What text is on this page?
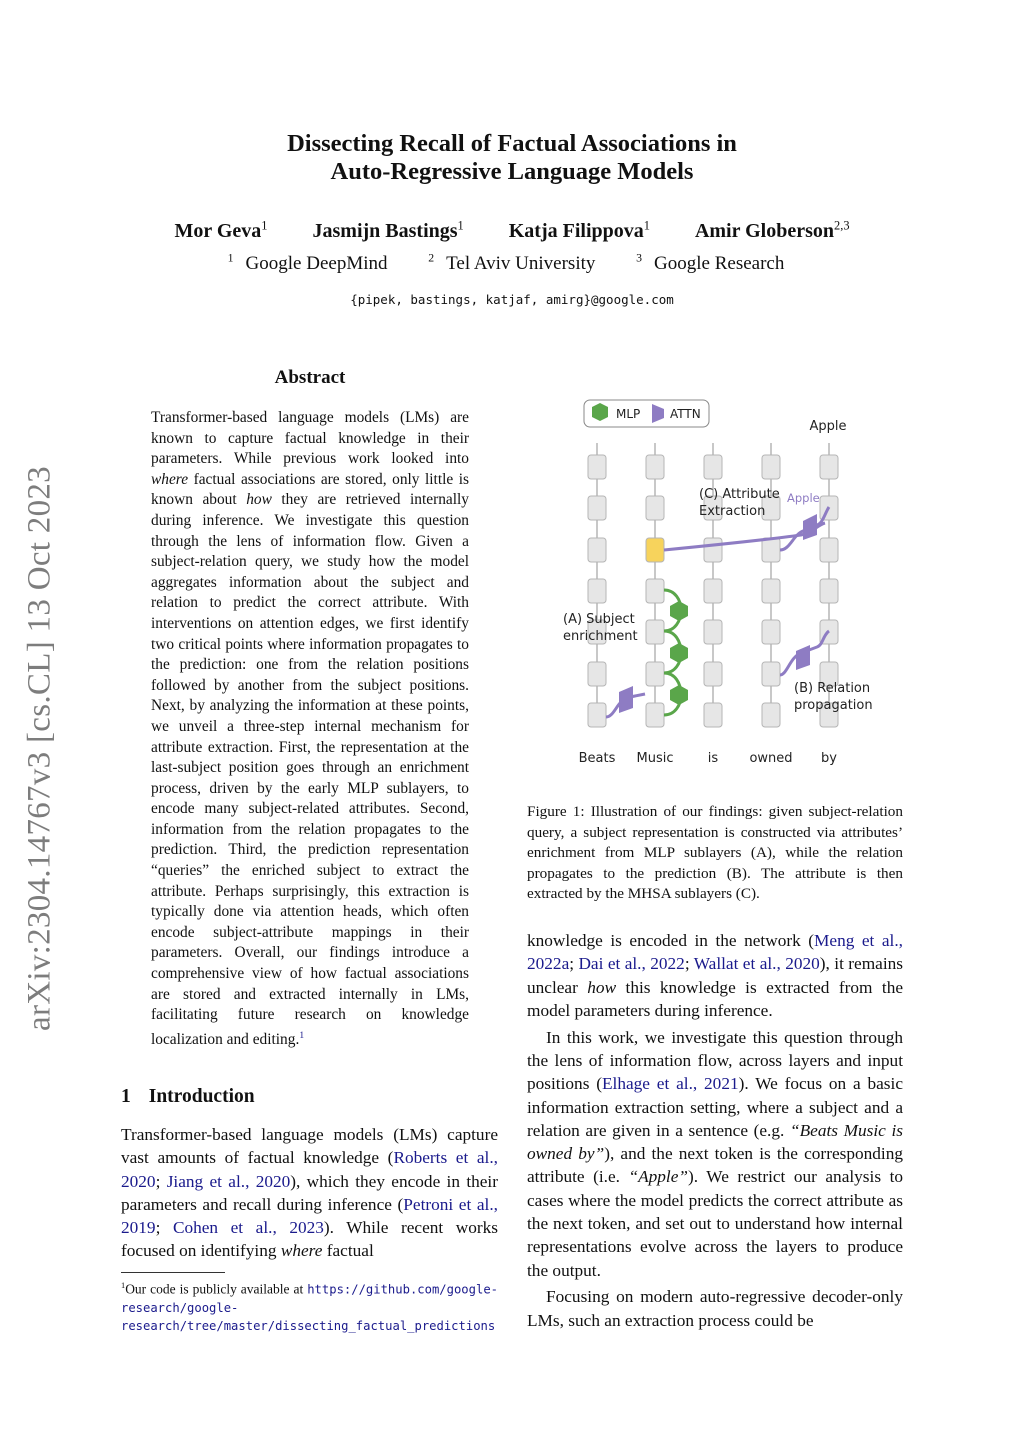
arXiv:2304.14767v3 [cs.CL] 13 Oct 2023
Dissecting Recall of Factual Associations in
Auto-Regressive Language Models
Mor Geva$^1$ Jasmijn Bastings$^1$ Katja Filippova$^1$ Amir Globerson$^{2,3}$
$^1$ Google DeepMind	$^2$ Tel Aviv University	$^3$ Google Research
{pipek, bastings, katjaf, amirg}@google.com
Abstract
Transformer-based language models (LMs) are known to capture factual knowledge in their parameters. While previous work looked into where factual associations are stored, only little is known about how they are retrieved internally during inference. We investigate this question through the lens of information flow. Given a subject-relation query, we study how the model aggregates information about the subject and relation to predict the correct attribute. With interventions on attention edges, we first identify two critical points where information propagates to the prediction: one from the relation positions followed by another from the subject positions. Next, by analyzing the information at these points, we unveil a three-step internal mechanism for attribute extraction. First, the representation at the last-subject position goes through an enrichment process, driven by the early MLP sublayers, to encode many subject-related attributes. Second, information from the relation propagates to the prediction. Third, the prediction representation “queries” the enriched subject to extract the attribute. Perhaps surprisingly, this extraction is typically done via attention heads, which often encode subject-attribute mappings in their parameters. Overall, our findings introduce a comprehensive view of how factual associations are stored and extracted internally in LMs, facilitating future research on knowledge localization and editing.$^1$
1 Introduction
Transformer-based language models (LMs) capture vast amounts of factual knowledge (Roberts et al., 2020; Jiang et al., 2020), which they encode in their parameters and recall during inference (Petroni et al., 2019; Cohen et al., 2023). While recent works focused on identifying where factual
$^1$Our code is publicly available at https://github.com/google-research/google-research/tree/master/dissecting_factual_predictions
MLP ATTN
Apple
Apple
(C) Attribute
Extraction
(A) Subject
enrichment
(B) Relation
propagation
Beats Music	is owned by
Figure 1: Illustration of our findings: given subject-relation query, a subject representation is constructed via attributes’ enrichment from MLP sublayers (A), while the relation propagates to the prediction (B). The attribute is then extracted by the MHSA sublayers (C).

knowledge is encoded in the network (Meng et al., 2022a; Dai et al., 2022; Wallat et al., 2020), it remains unclear how this knowledge is extracted from the model parameters during inference.

In this work, we investigate this question through the lens of information flow, across layers and input positions (Elhage et al., 2021). We focus on a basic information extraction setting, where a subject and a relation are given in a sentence (e.g. “Beats Music is owned by”), and the next token is the corresponding attribute (i.e. “Apple”). We restrict our analysis to cases where the model predicts the correct attribute as the next token, and set out to understand how internal representations evolve across the layers to produce the output.

Focusing on modern auto-regressive decoder-only LMs, such an extraction process could be
